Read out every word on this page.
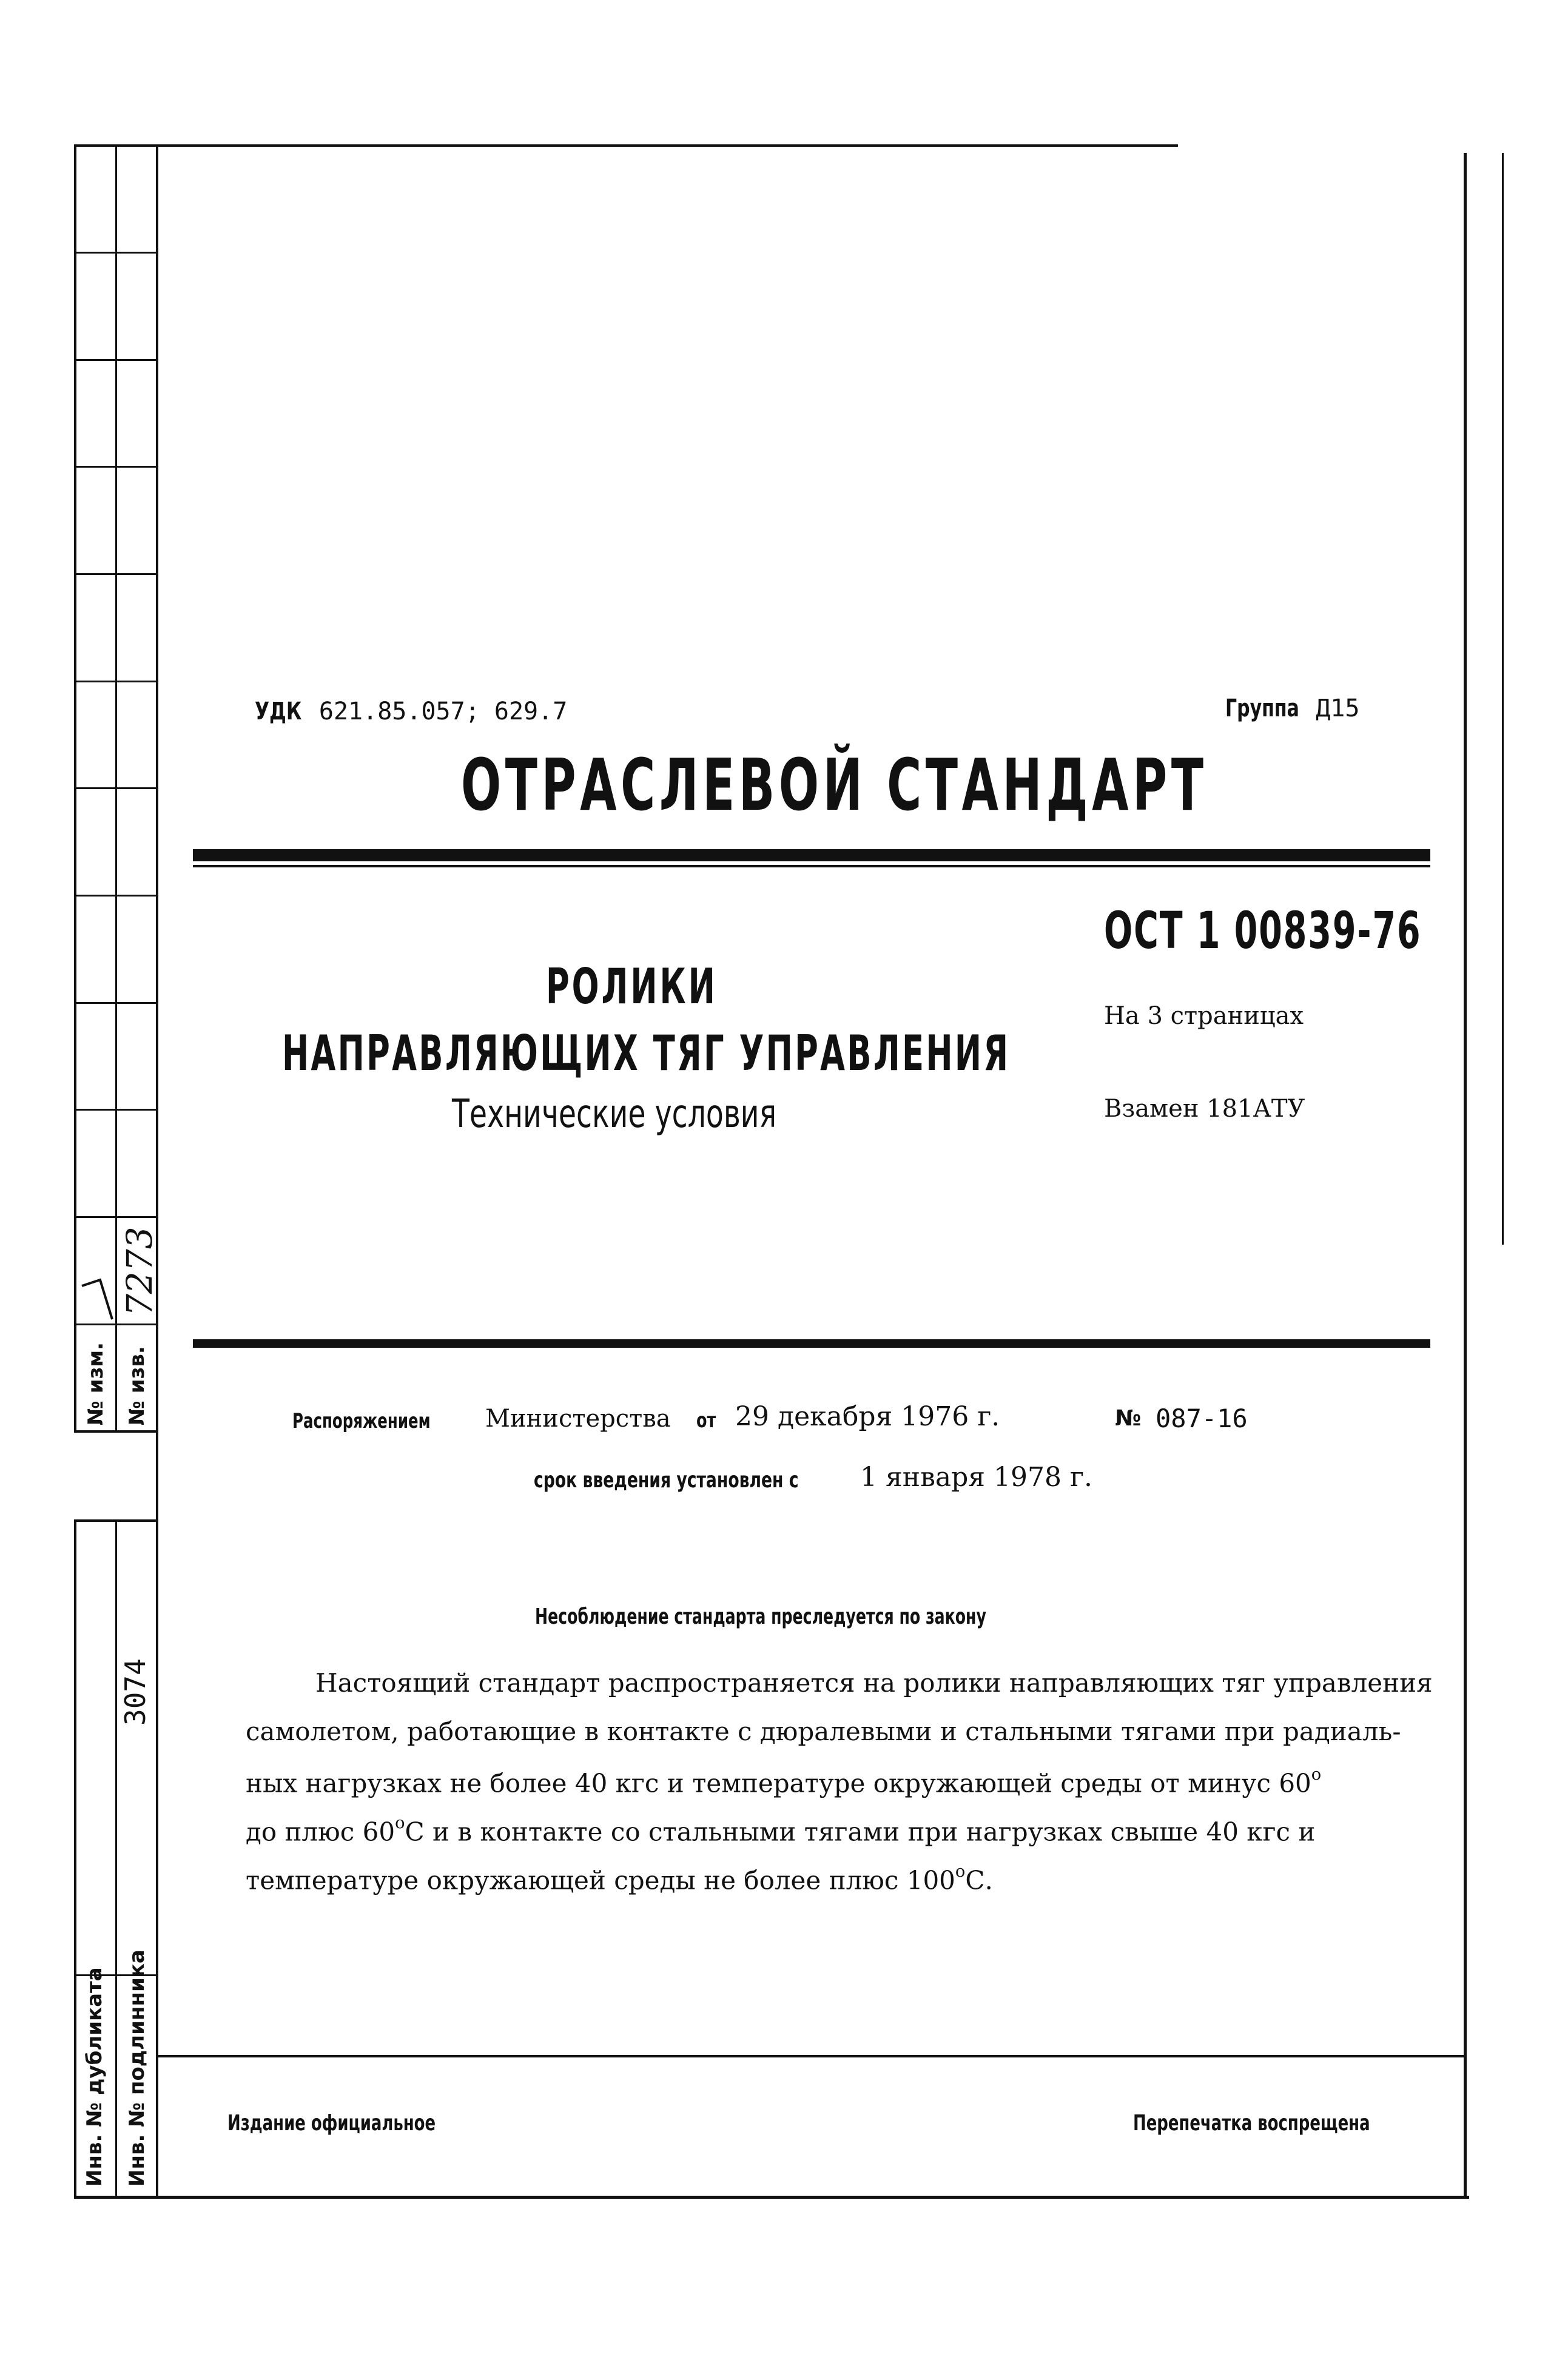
УДК 621.85.057; 629.7	Группа Д15
ОТРАСЛЕВОЙ СТАНДАРТ
РОЛИКИ
НАПРАВЛЯЮЩИХ ТЯГ УПРАВЛЕНИЯ
Технические условия
ОСТ 1 00839-76
На 3 страницах
Взамен 181АТУ
Распоряжением	Министерства от 29 декабря 1976 г.	№ 087-16
срок введения установлен с 1 января 1978 г.
Несоблюдение стандарта преследуется по закону
Настоящий стандарт распространяется на ролики направляющих тяг управления
самолетом, работающие в контакте с дюралевыми и стальными тягами при радиаль-
ных нагрузках не более 40 кгс и температуре окружающей среды от минус $60^о$
до плюс $60^оС$ и в контакте со стальными тягами при нагрузках свыше 40 кгс и
температуре окружающей среды не более плюс $100^оС$.
Издание официальное	Перепечатка воспрещена
№ изм. № изв.
7273
3074
Инв. № дубликата Инв. № подлинника
